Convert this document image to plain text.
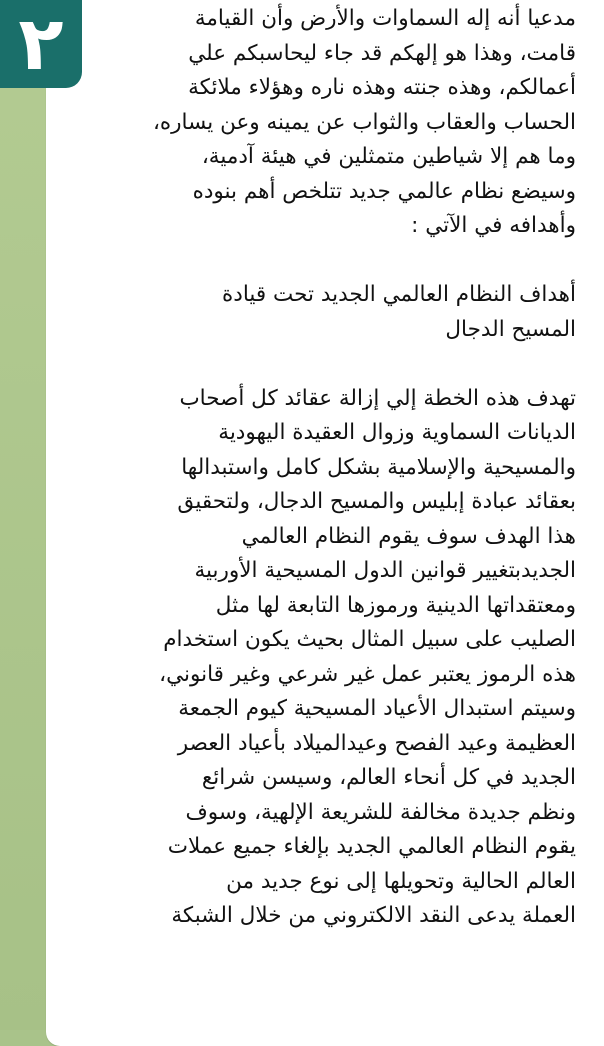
٢	مدعيا أنه إله السماوات والأرض وأن القيامة
قامت، وهذا هو إلهكم قد جاء ليحاسبكم علي
أعمالكم، وهذه جنته وهذه ناره وهؤلاء ملائكة
الحساب والعقاب والثواب عن يمينه وعن يساره،
وما هم إلا شياطين متمثلين في هيئة آدمية،
وسيضع نظام عالمي جديد تتلخص أهم بنوده
وأهدافه في الآتي :
أهداف النظام العالمي الجديد تحت قيادة
المسيح الدجال
تهدف هذه الخطة إلي إزالة عقائد كل أصحاب
الديانات السماوية وزوال العقيدة اليهودية
والمسيحية والإسلامية بشكل كامل واستبدالها
بعقائد عبادة إبليس والمسيح الدجال، ولتحقيق
هذا الهدف سوف يقوم النظام العالمي
الجديدبتغيير قوانين الدول المسيحية الأوربية
ومعتقداتها الدينية ورموزها التابعة لها مثل
الصليب على سبيل المثال بحيث يكون استخدام
هذه الرموز يعتبر عمل غير شرعي وغير قانوني،
وسيتم استبدال الأعياد المسيحية كيوم الجمعة
العظيمة وعيد الفصح وعيدالميلاد بأعياد العصر
الجديد في كل أنحاء العالم، وسيسن شرائع
ونظم جديدة مخالفة للشريعة الإلهية، وسوف
يقوم النظام العالمي الجديد بإلغاء جميع عملات
العالم الحالية وتحويلها إلى نوع جديد من
العملة يدعى النقد الالكتروني من خلال الشبكة
